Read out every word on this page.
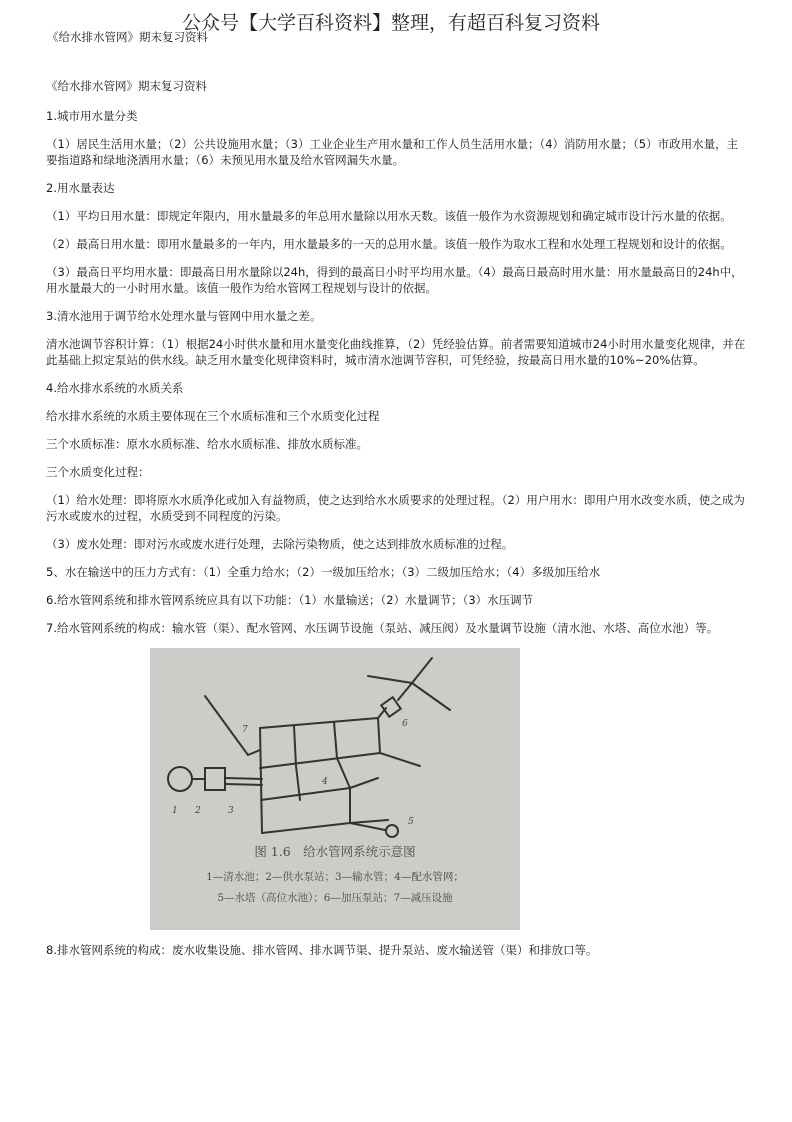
公众号【大学百科资料】整理，有超百科复习资料
《给水排水管网》期末复习资料

《给水排水管网》期末复习资料

1.城市用水量分类

（1）居民生活用水量；（2）公共设施用水量；（3）工业企业生产用水量和工作人员生活用水量；（4）消防用水量；（5）市政用水量，主要指道路和绿地浇洒用水量；（6）未预见用水量及给水管网漏失水量。

2.用水量表达

（1）平均日用水量：即规定年限内，用水量最多的年总用水量除以用水天数。该值一般作为水资源规划和确定城市设计污水量的依据。

（2）最高日用水量：即用水量最多的一年内，用水量最多的一天的总用水量。该值一般作为取水工程和水处理工程规划和设计的依据。

（3）最高日平均用水量：即最高日用水量除以24h，得到的最高日小时平均用水量。（4）最高日最高时用水量：用水量最高日的24h中，用水量最大的一小时用水量。该值一般作为给水管网工程规划与设计的依据。

3.清水池用于调节给水处理水量与管网中用水量之差。

清水池调节容积计算：（1）根据24小时供水量和用水量变化曲线推算，（2）凭经验估算。前者需要知道城市24小时用水量变化规律，并在此基础上拟定泵站的供水线。缺乏用水量变化规律资料时，城市清水池调节容积，可凭经验，按最高日用水量的10%~20%估算。

4.给水排水系统的水质关系

给水排水系统的水质主要体现在三个水质标准和三个水质变化过程

三个水质标准：原水水质标准、给水水质标准、排放水质标准。

三个水质变化过程：

（1）给水处理：即将原水水质净化或加入有益物质，使之达到给水水质要求的处理过程。（2）用户用水：即用户用水改变水质，使之成为污水或废水的过程，水质受到不同程度的污染。

（3）废水处理：即对污水或废水进行处理，去除污染物质，使之达到排放水质标准的过程。

5、水在输送中的压力方式有：（1）全重力给水；（2）一级加压给水；（3）二级加压给水；（4）多级加压给水

6.给水管网系统和排水管网系统应具有以下功能：（1）水量输送；（2）水量调节；（3）水压调节

7.给水管网系统的构成：输水管（渠）、配水管网、水压调节设施（泵站、减压阀）及水量调节设施（清水池、水塔、高位水池）等。

1 2	3
4
5
6
7
图 1.6　给水管网系统示意图
1—清水池；2—供水泵站；3—输水管；4—配水管网；
5—水塔（高位水池）；6—加压泵站；7—减压设施

8.排水管网系统的构成：废水收集设施、排水管网、排水调节渠、提升泵站、废水输送管（渠）和排放口等。
